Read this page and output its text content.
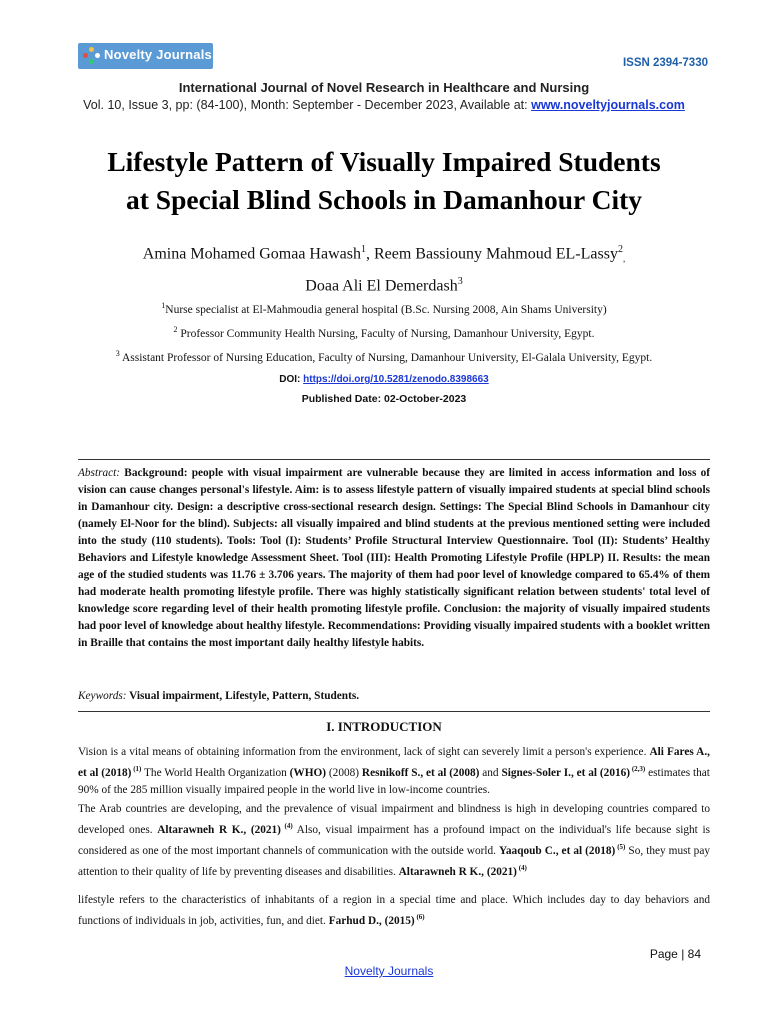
Novelty Journals
ISSN 2394-7330
International Journal of Novel Research in Healthcare and Nursing
Vol. 10, Issue 3, pp: (84-100), Month: September - December 2023, Available at: www.noveltyjournals.com
Lifestyle Pattern of Visually Impaired Students
at Special Blind Schools in Damanhour City
Amina Mohamed Gomaa Hawash$^1$, Reem Bassiouny Mahmoud EL-Lassy$^2$,
Doaa Ali El Demerdash$^3$
$^1$Nurse specialist at El-Mahmoudia general hospital (B.Sc. Nursing 2008, Ain Shams University)
$^2$ Professor Community Health Nursing, Faculty of Nursing, Damanhour University, Egypt.
$^3$ Assistant Professor of Nursing Education, Faculty of Nursing, Damanhour University, El-Galala University, Egypt.
DOI: https://doi.org/10.5281/zenodo.8398663
Published Date: 02-October-2023
Abstract: Background: people with visual impairment are vulnerable because they are limited in access information and loss of vision can cause changes personal's lifestyle. Aim: is to assess lifestyle pattern of visually impaired students at special blind schools in Damanhour city. Design: a descriptive cross-sectional research design. Settings: The Special Blind Schools in Damanhour city (namely El-Noor for the blind). Subjects: all visually impaired and blind students at the previous mentioned setting were included into the study (110 students). Tools: Tool (I): Students’ Profile Structural Interview Questionnaire. Tool (II): Students’ Healthy Behaviors and Lifestyle knowledge Assessment Sheet. Tool (III): Health Promoting Lifestyle Profile (HPLP) II. Results: the mean age of the studied students was 11.76 ± 3.706 years. The majority of them had poor level of knowledge compared to 65.4% of them had moderate health promoting lifestyle profile. There was highly statistically significant relation between students' total level of knowledge score regarding level of their health promoting lifestyle profile. Conclusion: the majority of visually impaired students had poor level of knowledge about healthy lifestyle. Recommendations: Providing visually impaired students with a booklet written in Braille that contains the most important daily healthy lifestyle habits.
Keywords: Visual impairment, Lifestyle, Pattern, Students.
I. INTRODUCTION
Vision is a vital means of obtaining information from the environment, lack of sight can severely limit a person's experience. Ali Fares A., et al (2018) $^{(1)}$ The World Health Organization (WHO) (2008) Resnikoff S., et al (2008) and Signes-Soler I., et al (2016) $^{(2,3)}$ estimates that 90% of the 285 million visually impaired people in the world live in low-income countries.
The Arab countries are developing, and the prevalence of visual impairment and blindness is high in developing countries compared to developed ones. Altarawneh R K., (2021) $^{(4)}$ Also, visual impairment has a profound impact on the individual's life because sight is considered as one of the most important channels of communication with the outside world. Yaaqoub C., et al (2018) $^{(5)}$ So, they must pay attention to their quality of life by preventing diseases and disabilities. Altarawneh R K., (2021) $^{(4)}$
lifestyle refers to the characteristics of inhabitants of a region in a special time and place. Which includes day to day behaviors and functions of individuals in job, activities, fun, and diet. Farhud D., (2015) $^{(6)}$
Page | 84
Novelty Journals
